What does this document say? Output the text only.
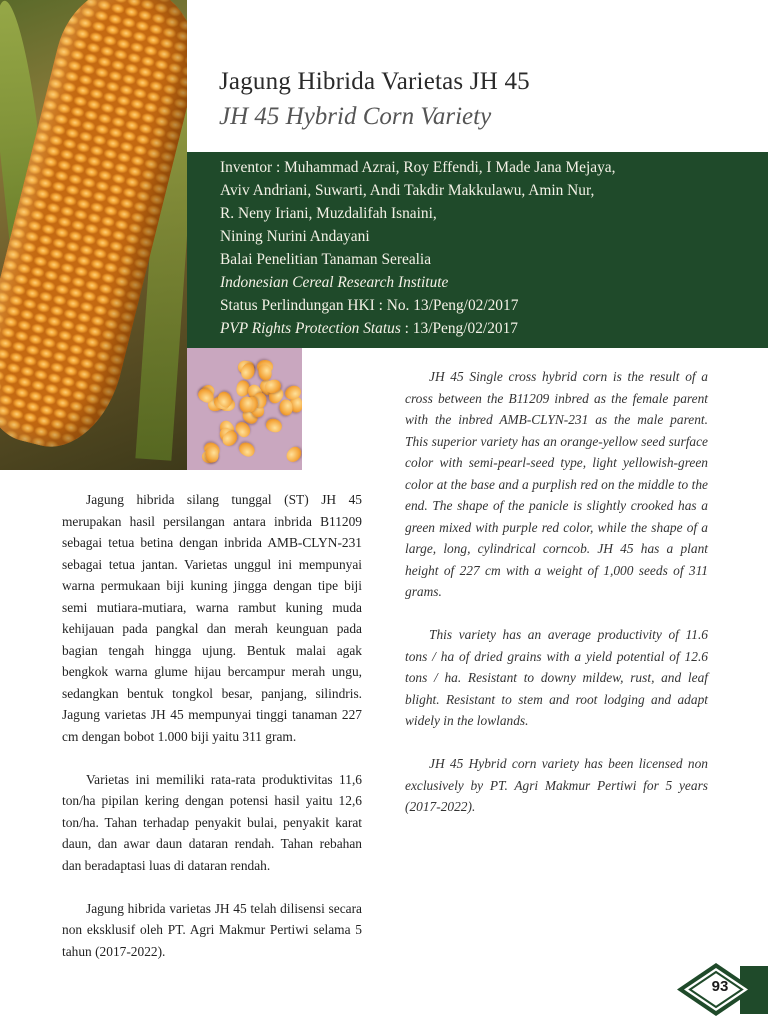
Jagung Hibrida Varietas JH 45
JH 45 Hybrid Corn Variety
Inventor : Muhammad Azrai, Roy Effendi, I Made Jana Mejaya,
Aviv Andriani, Suwarti, Andi Takdir Makkulawu, Amin Nur,
R. Neny Iriani, Muzdalifah Isnaini,
Nining Nurini Andayani
Balai Penelitian Tanaman Serealia
Indonesian Cereal Research Institute
Status Perlindungan HKI : No. 13/Peng/02/2017
PVP Rights Protection Status : 13/Peng/02/2017

JH 45 Single cross hybrid corn is the result of a cross between the B11209 inbred as the female parent with the inbred AMB-CLYN-231 as the male parent. This superior variety has an orange-yellow seed surface color with semi-pearl-seed type, light yellowish-green color at the base and a purplish red on the middle to the end. The shape of the panicle is slightly crooked has a green mixed with purple red color, while the shape of a large, long, cylindrical corncob. JH 45 has a plant height of 227 cm with a weight of 1,000 seeds of 311 grams.

This variety has an average productivity of 11.6 tons / ha of dried grains with a yield potential of 12.6 tons / ha. Resistant to downy mildew, rust, and leaf blight. Resistant to stem and root lodging and adapt widely in the lowlands.

JH 45 Hybrid corn variety has been licensed non exclusively by PT. Agri Makmur Pertiwi for 5 years (2017-2022).

Jagung hibrida silang tunggal (ST) JH 45 merupakan hasil persilangan antara inbrida B11209 sebagai tetua betina dengan inbrida AMB-CLYN-231 sebagai tetua jantan. Varietas unggul ini mempunyai warna permukaan biji kuning jingga dengan tipe biji semi mutiara-mutiara, warna rambut kuning muda kehijauan pada pangkal dan merah keunguan pada bagian tengah hingga ujung. Bentuk malai agak bengkok warna glume hijau bercampur merah ungu, sedangkan bentuk tongkol besar, panjang, silindris. Jagung varietas JH 45 mempunyai tinggi tanaman 227 cm dengan bobot 1.000 biji yaitu 311 gram.

Varietas ini memiliki rata-rata produktivitas 11,6 ton/ha pipilan kering dengan potensi hasil yaitu 12,6 ton/ha. Tahan terhadap penyakit bulai, penyakit karat daun, dan awar daun dataran rendah. Tahan rebahan dan beradaptasi luas di dataran rendah.

Jagung hibrida varietas JH 45 telah dilisensi secara non eksklusif oleh PT. Agri Makmur Pertiwi selama 5 tahun (2017-2022).

93
